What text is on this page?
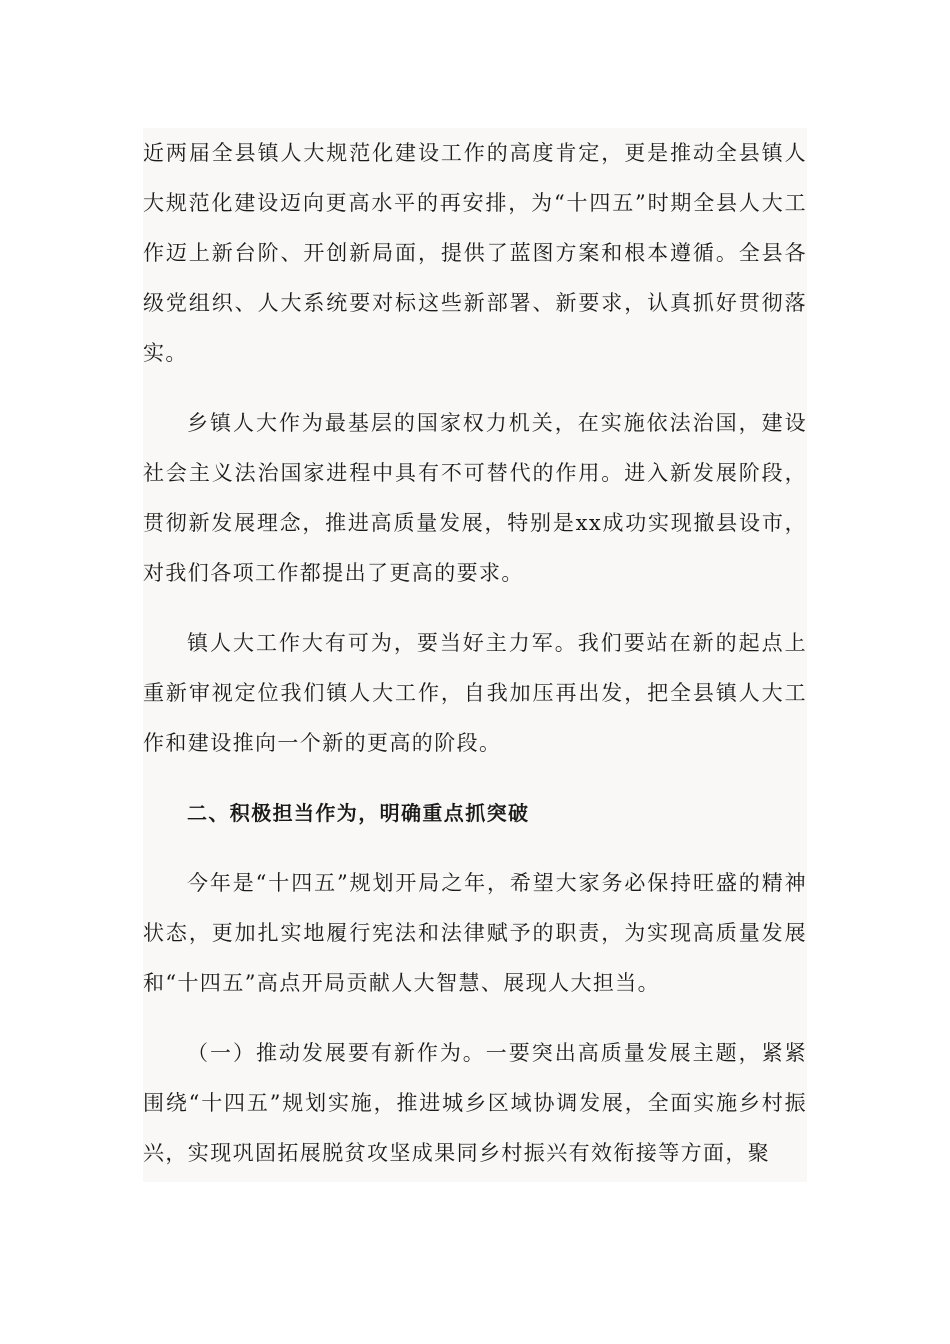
近两届全县镇人大规范化建设工作的高度肯定，更是推动全县镇人大规范化建设迈向更高水平的再安排，为“十四五”时期全县人大工作迈上新台阶、开创新局面，提供了蓝图方案和根本遵循。全县各级党组织、人大系统要对标这些新部署、新要求，认真抓好贯彻落实。

乡镇人大作为最基层的国家权力机关，在实施依法治国，建设社会主义法治国家进程中具有不可替代的作用。进入新发展阶段，贯彻新发展理念，推进高质量发展，特别是xx成功实现撤县设市，对我们各项工作都提出了更高的要求。

镇人大工作大有可为，要当好主力军。我们要站在新的起点上重新审视定位我们镇人大工作，自我加压再出发，把全县镇人大工作和建设推向一个新的更高的阶段。

二、积极担当作为，明确重点抓突破

今年是“十四五”规划开局之年，希望大家务必保持旺盛的精神状态，更加扎实地履行宪法和法律赋予的职责，为实现高质量发展和“十四五”高点开局贡献人大智慧、展现人大担当。

（一）推动发展要有新作为。一要突出高质量发展主题，紧紧围绕“十四五”规划实施，推进城乡区域协调发展，全面实施乡村振兴，实现巩固拓展脱贫攻坚成果同乡村振兴有效衔接等方面，聚
